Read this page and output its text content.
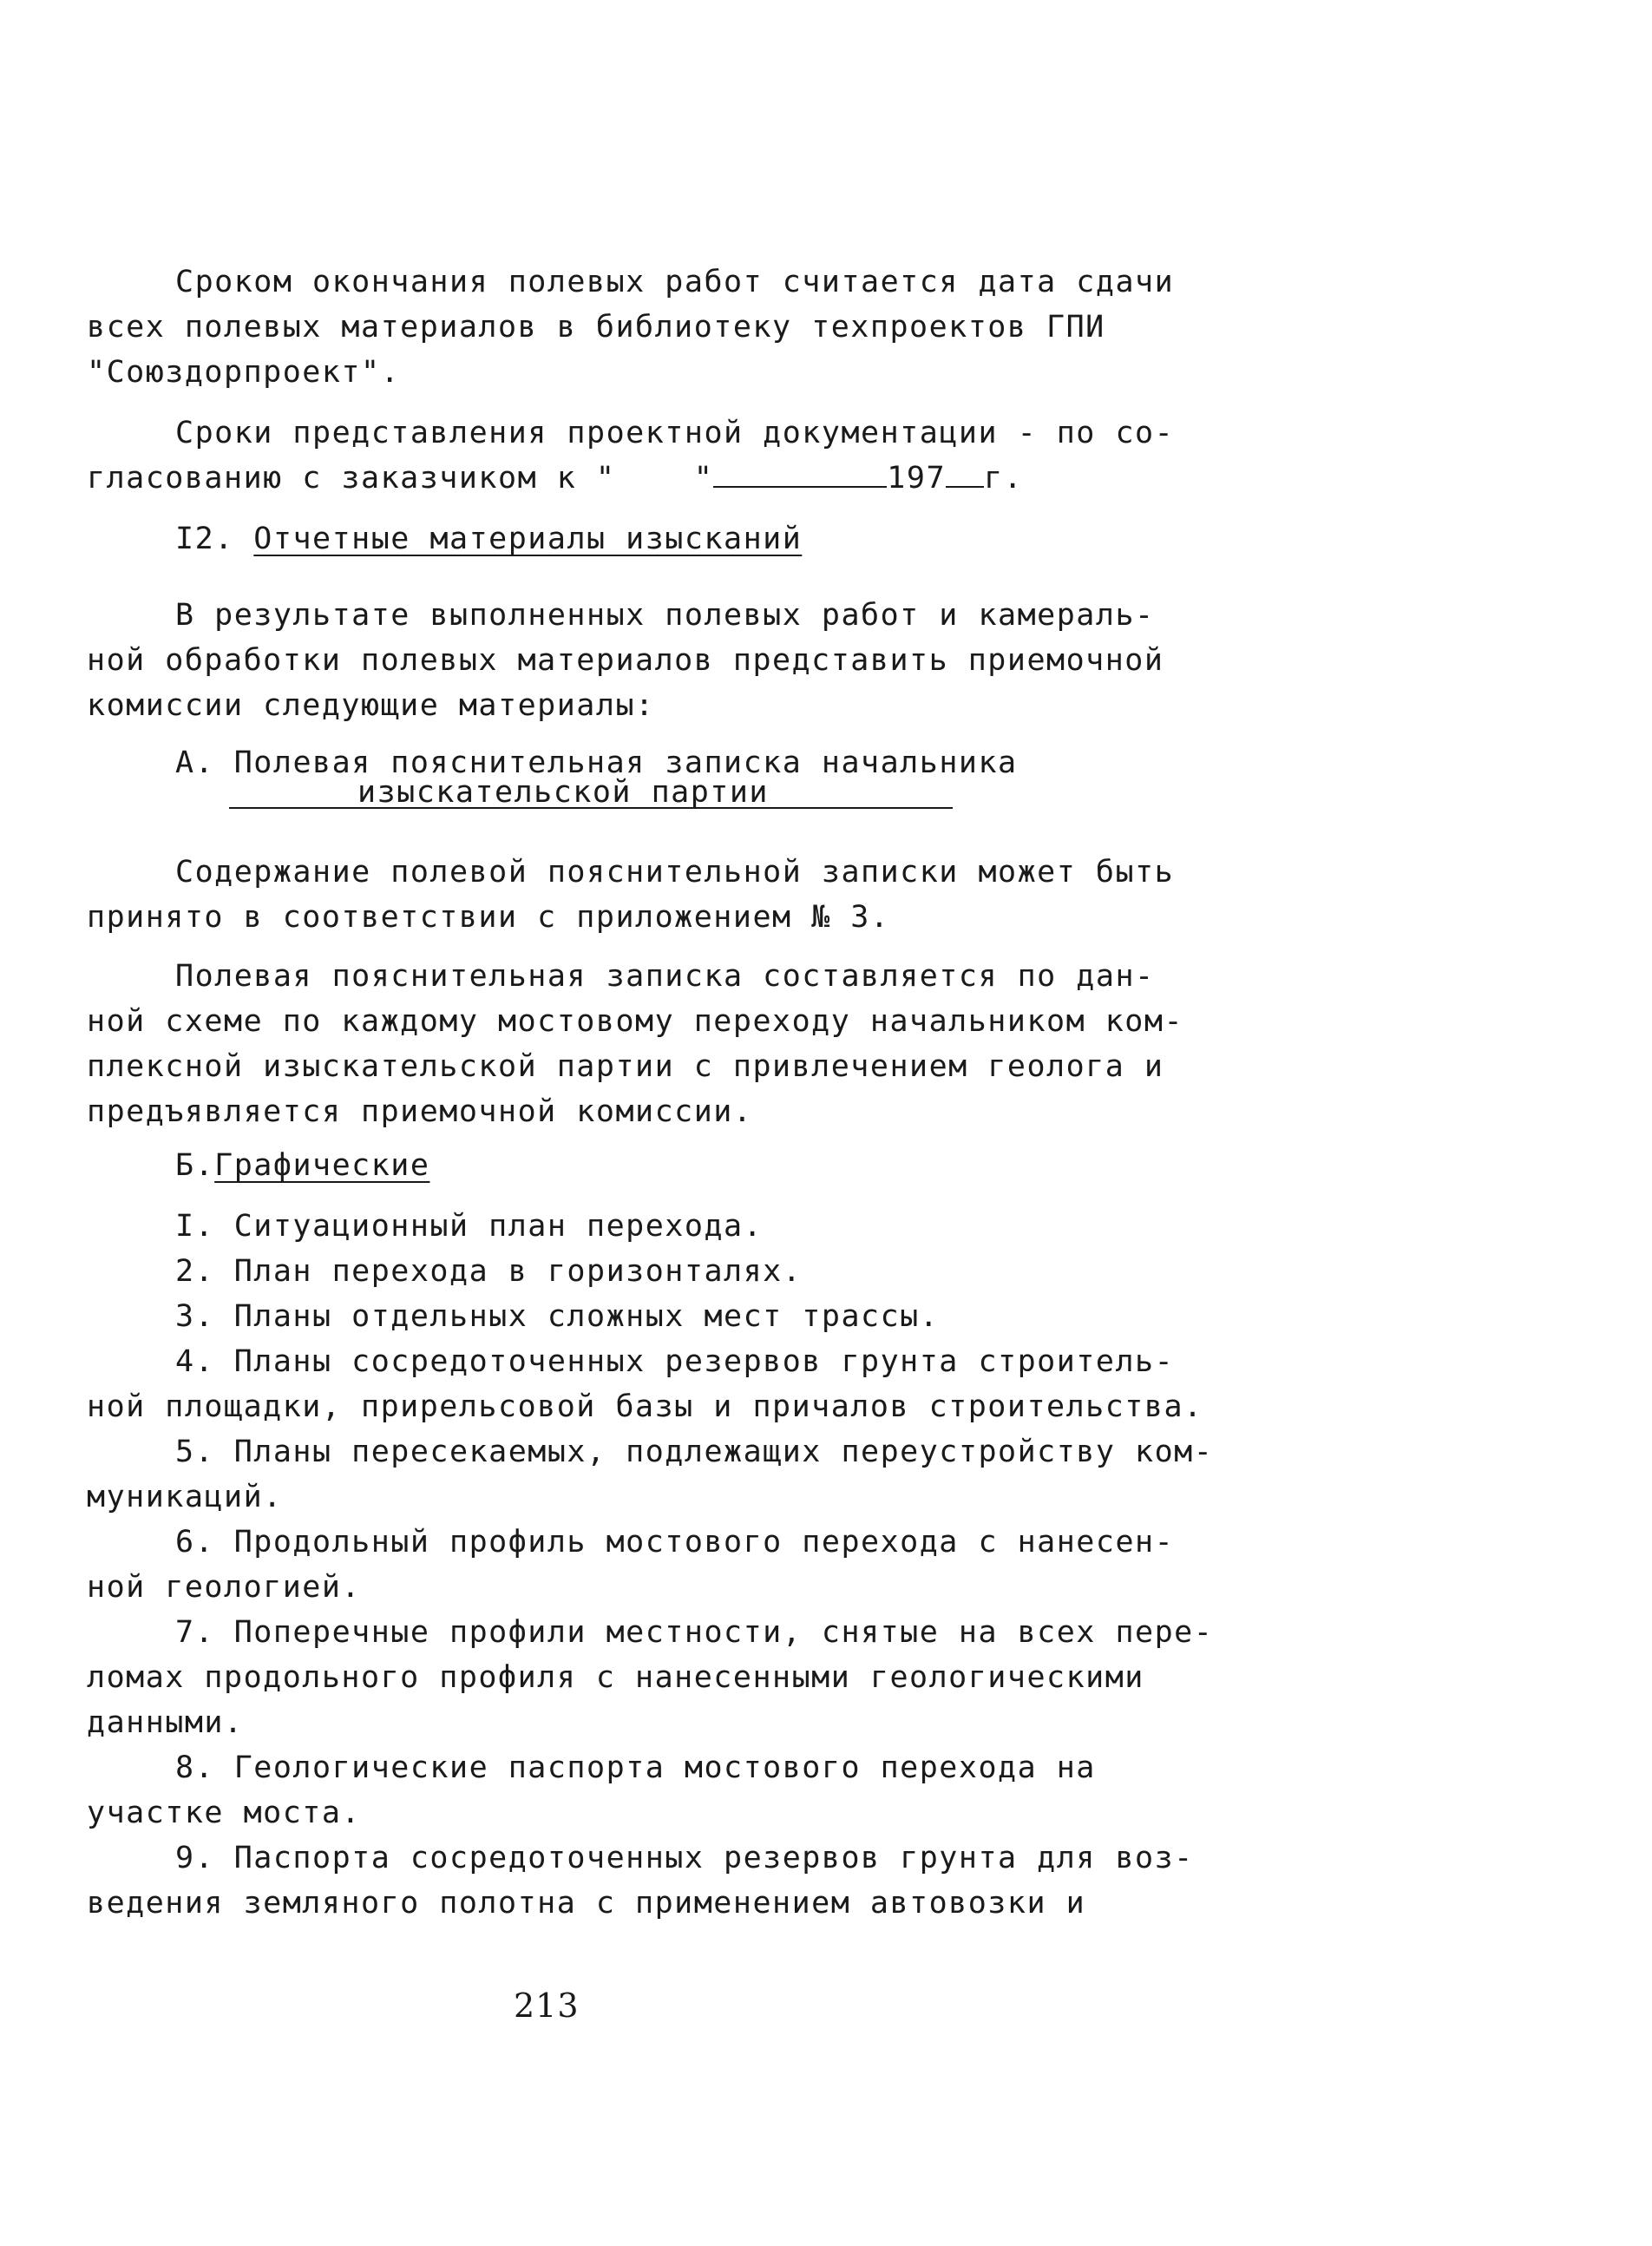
Сроком окончания полевых работ считается дата сдачи
всех полевых материалов в библиотеку техпроектов ГПИ
"Союздорпроект".
Сроки представления проектной документации - по со-
гласованию с заказчиком к "    "	197 г.
I2. Отчетные материалы изысканий
В результате выполненных полевых работ и камераль-
ной обработки полевых материалов представить приемочной
комиссии следующие материалы:
А. Полевая пояснительная записка начальника
изыскательской партии
Содержание полевой пояснительной записки может быть
принято в соответствии с приложением № 3.
Полевая пояснительная записка составляется по дан-
ной схеме по каждому мостовому переходу начальником ком-
плексной изыскательской партии с привлечением геолога и
предъявляется приемочной комиссии.
Б.Графические
I. Ситуационный план перехода.
2. План перехода в горизонталях.
3. Планы отдельных сложных мест трассы.
4. Планы сосредоточенных резервов грунта строитель-
ной площадки, прирельсовой базы и причалов строительства.
5. Планы пересекаемых, подлежащих переустройству ком-
муникаций.
6. Продольный профиль мостового перехода с нанесен-
ной геологией.
7. Поперечные профили местности, снятые на всех пере-
ломах продольного профиля с нанесенными геологическими
данными.
8. Геологические паспорта мостового перехода на
участке моста.
9. Паспорта сосредоточенных резервов грунта для воз-
ведения земляного полотна с применением автовозки и
213
